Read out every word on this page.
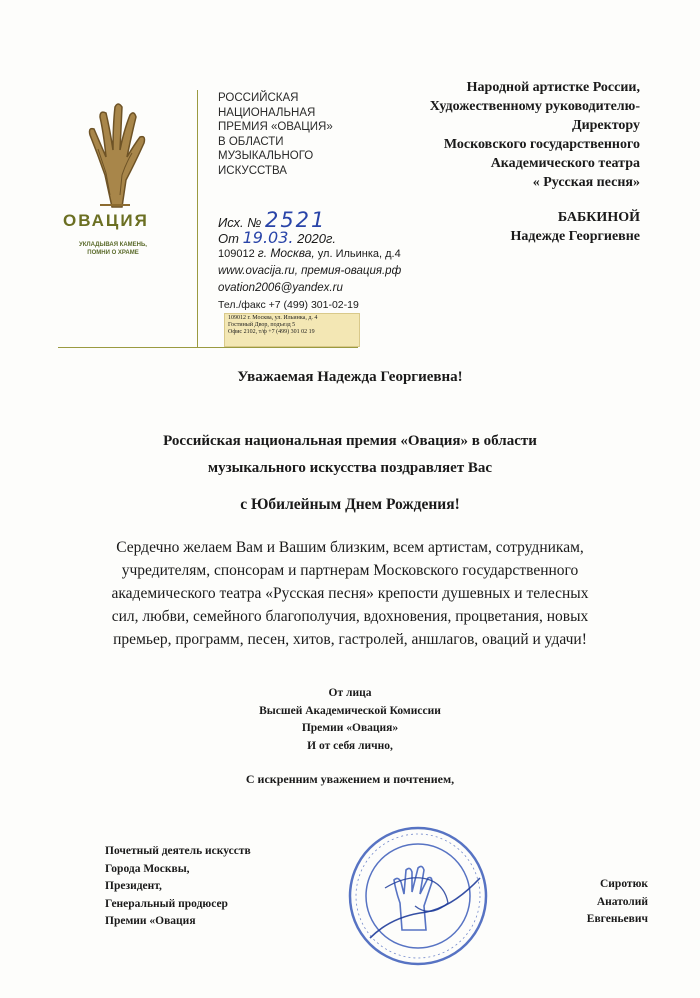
ОВАЦИЯ
УКЛАДЫВАЯ КАМЕНЬ, ПОМНИ О ХРАМЕ
РОССИЙСКАЯ
НАЦИОНАЛЬНАЯ
ПРЕМИЯ «ОВАЦИЯ»
В ОБЛАСТИ
МУЗЫКАЛЬНОГО
ИСКУССТВА
Исх. № 2521
От 19.03. 2020г.
109012 г. Москва, ул. Ильинка, д.4
www.ovacija.ru, премия-овация.рф
ovation2006@yandex.ru
Тел./факс +7 (499) 301-02-19
109012 г. Москва, ул. Ильинка, д. 4
Гостиный Двор, подъезд 5
Офис 2102, т/ф +7 (499) 301 02 19
Народной артистке России,
Художественному руководителю-
Директору
Московского государственного
Академического театра
« Русская песня»
БАБКИНОЙ
Надежде Георгиевне
Уважаемая Надежда Георгиевна!
Российская национальная премия «Овация» в области
музыкального искусства поздравляет Вас
с Юбилейным Днем Рождения!
Сердечно желаем Вам и Вашим близким, всем артистам, сотрудникам,
учредителям, спонсорам и партнерам Московского государственного
академического театра «Русская песня» крепости душевных и телесных
сил, любви, семейного благополучия, вдохновения, процветания, новых
премьер, программ, песен, хитов, гастролей, аншлагов, оваций и удачи!
От лица
Высшей Академической Комиссии
Премии «Овация»
И от себя лично,
С искренним уважением и почтением,
Почетный деятель искусств
Города Москвы,
Президент,
Генеральный продюсер
Премии «Овация
Сиротюк
Анатолий
Евгеньевич
